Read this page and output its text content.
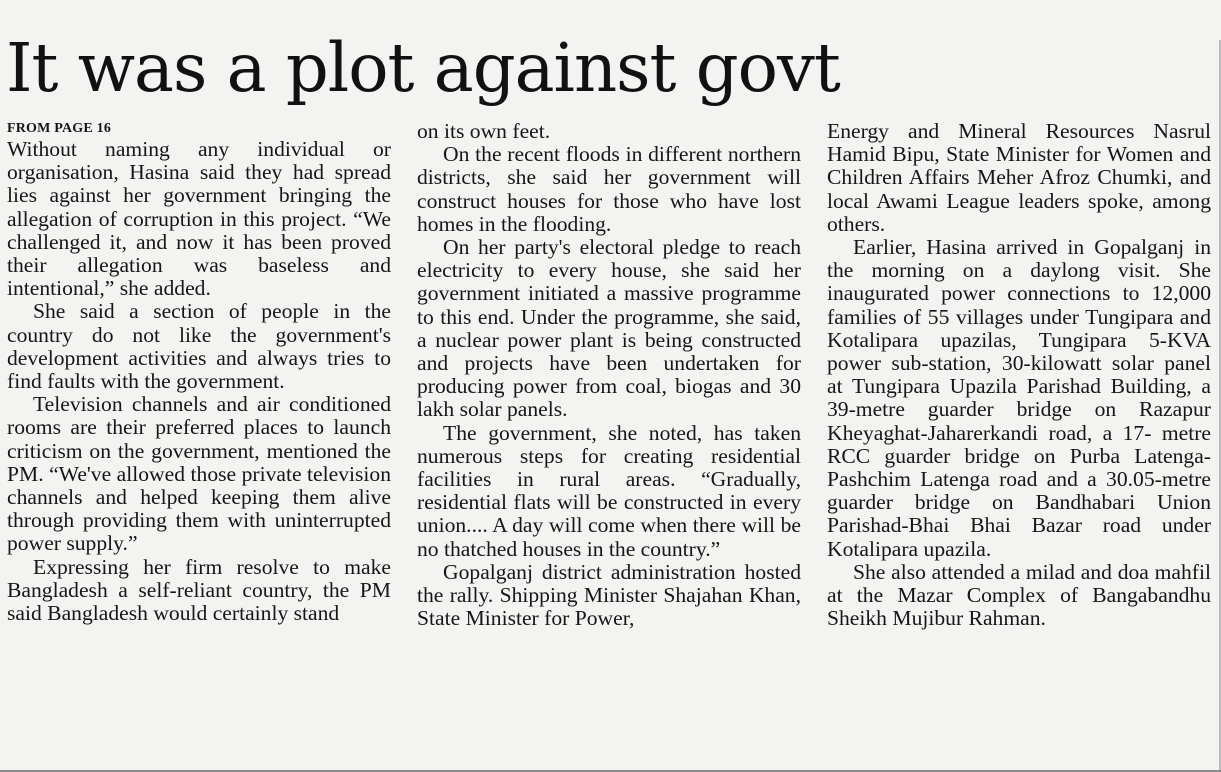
It was a plot against govt
FROM PAGE 16

Without naming any individual or organisation, Hasina said they had spread lies against her government bringing the allegation of corruption in this project. “We challenged it, and now it has been proved their allegation was baseless and intentional,” she added.

She said a section of people in the country do not like the government's development activities and always tries to find faults with the government.

Television channels and air conditioned rooms are their preferred places to launch criticism on the government, mentioned the PM. “We've allowed those private television channels and helped keeping them alive through providing them with uninterrupted power supply.”

Expressing her firm resolve to make Bangladesh a self-reliant country, the PM said Bangladesh would certainly stand

on its own feet.

On the recent floods in different northern districts, she said her government will construct houses for those who have lost homes in the flooding.

On her party's electoral pledge to reach electricity to every house, she said her government initiated a massive programme to this end. Under the programme, she said, a nuclear power plant is being constructed and projects have been undertaken for producing power from coal, biogas and 30 lakh solar panels.

The government, she noted, has taken numerous steps for creating residential facilities in rural areas. “Gradually, residential flats will be constructed in every union.... A day will come when there will be no thatched houses in the country.”

Gopalganj district administration hosted the rally. Shipping Minister Shajahan Khan, State Minister for Power,

Energy and Mineral Resources Nasrul Hamid Bipu, State Minister for Women and Children Affairs Meher Afroz Chumki, and local Awami League leaders spoke, among others.

Earlier, Hasina arrived in Gopalganj in the morning on a daylong visit. She inaugurated power connections to 12,000 families of 55 villages under Tungipara and Kotalipara upazilas, Tungipara 5-KVA power sub-station, 30-kilowatt solar panel at Tungipara Upazila Parishad Building, a 39-metre guarder bridge on Razapur Kheyaghat-Jaharerkandi road, a 17- metre RCC guarder bridge on Purba Latenga-Pashchim Latenga road and a 30.05-metre guarder bridge on Bandhabari Union Parishad-Bhai Bhai Bazar road under Kotalipara upazila.

She also attended a milad and doa mahfil at the Mazar Complex of Bangabandhu Sheikh Mujibur Rahman.
